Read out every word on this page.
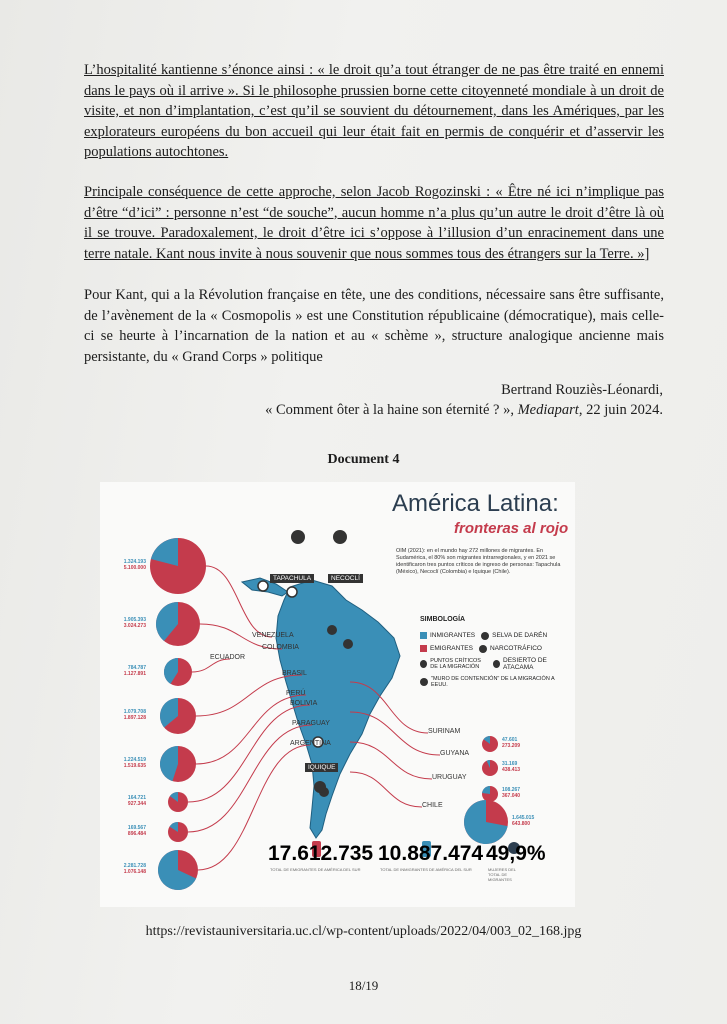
L’hospitalité kantienne s’énonce ainsi : « le droit qu’a tout étranger de ne pas être traité en ennemi dans le pays où il arrive ». Si le philosophe prussien borne cette citoyenneté mondiale à un droit de visite, et non d’implantation, c’est qu’il se souvient du détournement, dans les Amériques, par les explorateurs européens du bon accueil qui leur était fait en permis de conquérir et d’asservir les populations autochtones.

Principale conséquence de cette approche, selon Jacob Rogozinski : « Être né ici n’implique pas d’être “d’ici” : personne n’est “de souche”, aucun homme n’a plus qu’un autre le droit d’être là où il se trouve. Paradoxalement, le droit d’être ici s’oppose à l’illusion d’un enracinement dans une terre natale. Kant nous invite à nous souvenir que nous sommes tous des étrangers sur la Terre. »]

Pour Kant, qui a la Révolution française en tête, une des conditions, nécessaire sans être suffisante, de l’avènement de la « Cosmopolis » est une Constitution républicaine (démocratique), mais celle-ci se heurte à l’incarnation de la nation et au « schème », structure analogique ancienne mais persistante, du « Grand Corps » politique

Bertrand Rouziès-Léonardi,
« Comment ôter à la haine son éternité ? », Mediapart, 22 juin 2024.
Document 4
América Latina:
fronteras al rojo
OIM (2021): en el mundo hay 272 millones de migrantes. En Sudamérica, el 80% son migrantes intrarregionales, y en 2021 se identificaron tres puntos críticos de ingreso de personas: Tapachula (México), Necoclí (Colombia) e Iquique (Chile).
TAPACHULA	NECOCLÍ
IQUIQUE
SIMBOLOGÍA
INMIGRANTES	SELVA DE DARÉN
EMIGRANTES	NARCOTRÁFICO
PUNTOS CRÍTICOS DE LA MIGRACIÓN
DESIERTO DE ATACAMA
"MURO DE CONTENCIÓN" DE LA MIGRACIÓN A EEUU.
1.324.193
5.100.000
1.905.393
3.024.273
784.787
1.127.891
1.079.708
1.897.128
1.224.519
1.519.635
164.721
927.344
169.567
896.484
2.281.728
1.076.148
47.601
273.209
31.169
438.413
108.267
367.040
1.645.015
643.800
VENEZUELA
COLOMBIA
ECUADOR
BRASIL
PERÚ
BOLIVIA
PARAGUAY
ARGENTINA
SURINAM
GUYANA
URUGUAY
CHILE
17.612.735
TOTAL DE EMIGRANTES DE AMÉRICA DEL SUR
10.887.474
TOTAL DE INMIGRANTES DE AMÉRICA DEL SUR
49,9%
MUJERES DEL TOTAL DE MIGRANTES
https://revistauniversitaria.uc.cl/wp-content/uploads/2022/04/003_02_168.jpg
18/19
